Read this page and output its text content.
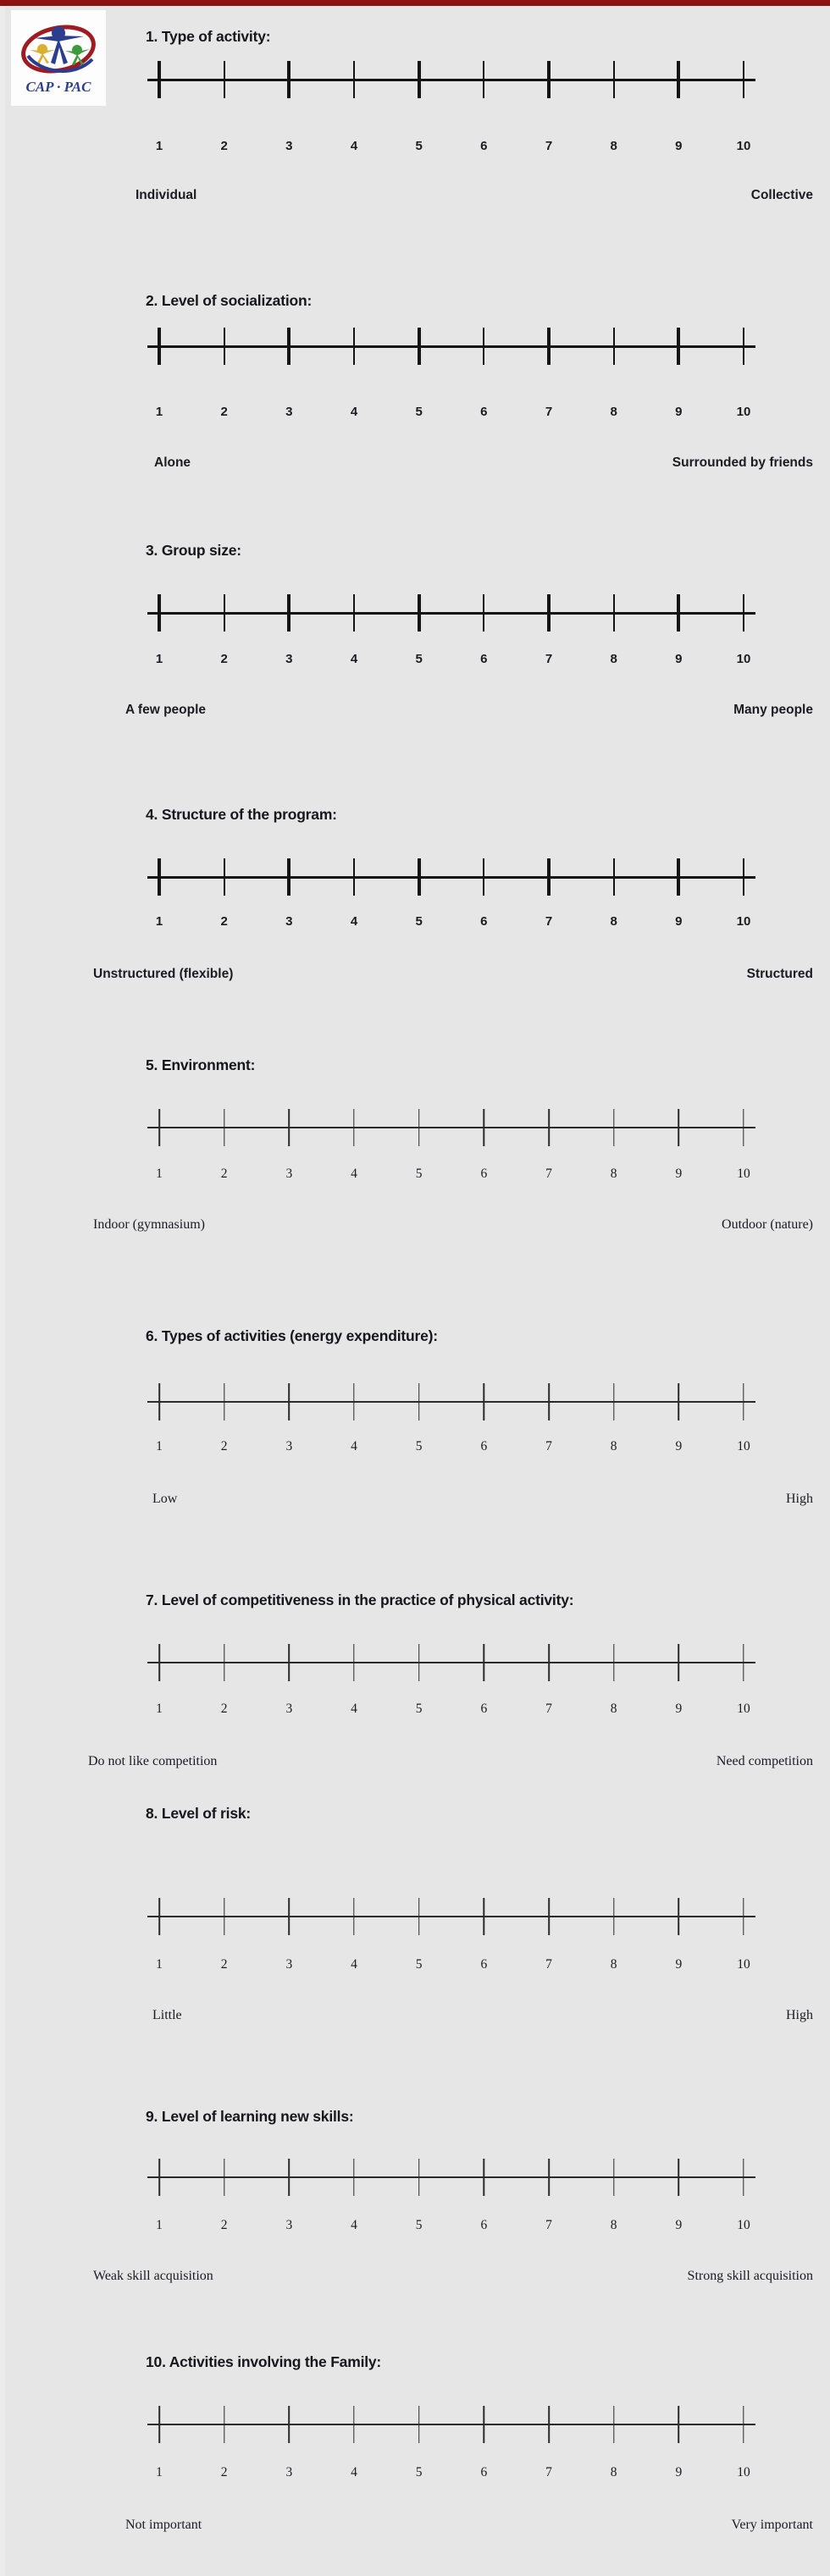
CAP · PAC
1. Type of activity:
1	2	3	4	5	6	7	8	9	10
Individual	Collective
2. Level of socialization:
1	2	3	4	5	6	7	8	9	10
Alone	Surrounded by friends
3. Group size:
1	2	3	4	5	6	7	8	9	10
A few people	Many people
4. Structure of the program:
1	2	3	4	5	6	7	8	9	10
Unstructured (flexible)	Structured
5. Environment:
1	2	3	4	5	6	7	8	9	10
Indoor (gymnasium)	Outdoor (nature)
6. Types of activities (energy expenditure):
1	2	3	4	5	6	7	8	9	10
Low	High
7. Level of competitiveness in the practice of physical activity:
1	2	3	4	5	6	7	8	9	10
Do not like competition	Need competition
8. Level of risk:
1	2	3	4	5	6	7	8	9	10
Little	High
9. Level of learning new skills:
1	2	3	4	5	6	7	8	9	10
Weak skill acquisition	Strong skill acquisition
10. Activities involving the Family:
1	2	3	4	5	6	7	8	9	10
Not important	Very important
